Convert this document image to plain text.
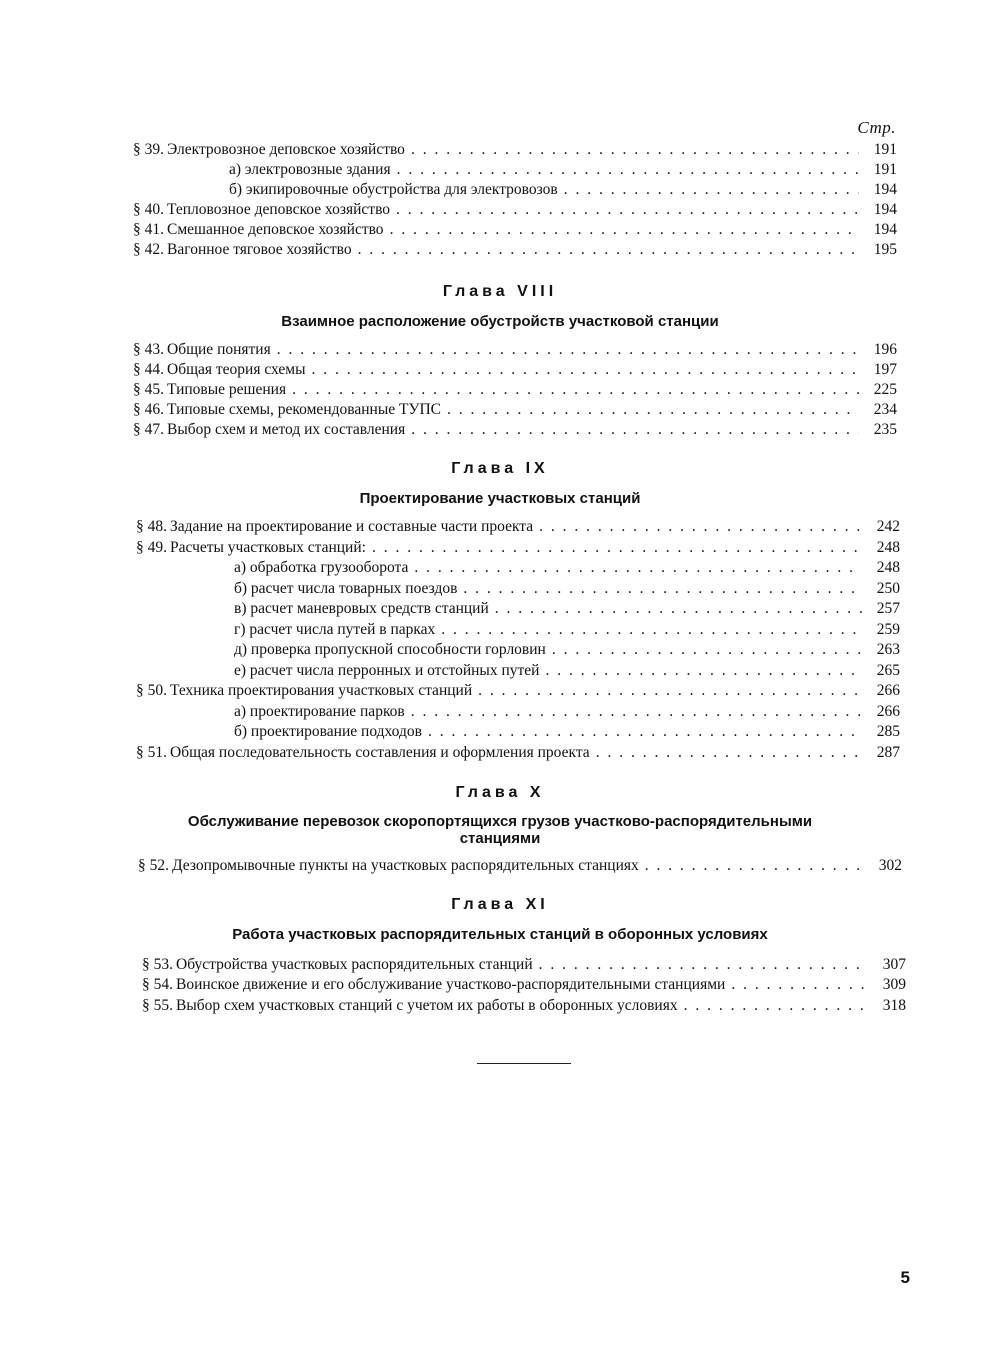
Стр.
§ 39. Электровозное деповское хозяйство . . .	191
а) электровозные здания . . .	191
б) экипировочные обустройства для электровозов . . .	194
§ 40. Тепловозное деповское хозяйство . . .	194
§ 41. Смешанное деповское хозяйство . . .	194
§ 42. Вагонное тяговое хозяйство . . .	195
Глава VIII
Взаимное расположение обустройств участковой станции
§ 43. Общие понятия . . .	196
§ 44. Общая теория схемы . . .	197
§ 45. Типовые решения . . .	225
§ 46. Типовые схемы, рекомендованные ТУПС . . .	234
§ 47. Выбор схем и метод их составления . . .	235
Глава IX
Проектирование участковых станций
§ 48. Задание на проектирование и составные части проекта . . .	242
§ 49. Расчеты участковых станций: . . .	248
а) обработка грузооборота . . .	248
б) расчет числа товарных поездов . . .	250
в) расчет маневровых средств станций . . .	257
г) расчет числа путей в парках . . .	259
д) проверка пропускной способности горловин . . .	263
е) расчет числа перронных и отстойных путей . . .	265
§ 50. Техника проектирования участковых станций . . .	266
а) проектирование парков . . .	266
б) проектирование подходов . . .	285
§ 51. Общая последовательность составления и оформления проекта . . .	287
Глава X
Обслуживание перевозок скоропортящихся грузов участково-распорядительными станциями
§ 52. Дезопромывочные пункты на участковых распорядительных станциях . . .	302
Глава XI
Работа участковых распорядительных станций в оборонных условиях
§ 53. Обустройства участковых распорядительных станций . . .	307
§ 54. Воинское движение и его обслуживание участково-распорядительными станциями . . .	309
§ 55. Выбор схем участковых станций с учетом их работы в оборонных условиях . . .	318
5
